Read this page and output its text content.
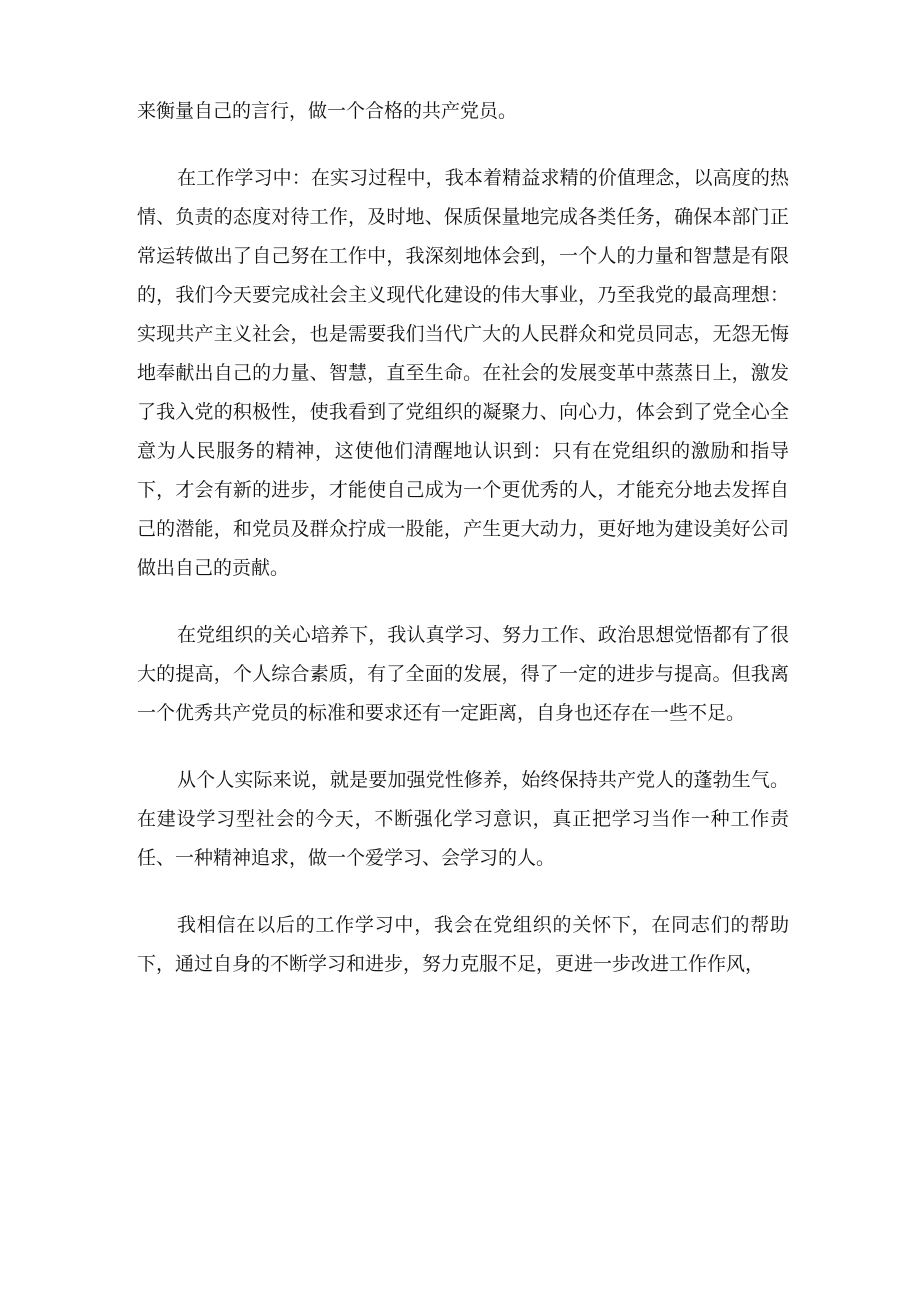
来衡量自己的言行，做一个合格的共产党员。

在工作学习中：在实习过程中，我本着精益求精的价值理念，以高度的热情、负责的态度对待工作，及时地、保质保量地完成各类任务，确保本部门正常运转做出了自己努在工作中，我深刻地体会到，一个人的力量和智慧是有限的，我们今天要完成社会主义现代化建设的伟大事业，乃至我党的最高理想：实现共产主义社会，也是需要我们当代广大的人民群众和党员同志，无怨无悔地奉献出自己的力量、智慧，直至生命。在社会的发展变革中蒸蒸日上，激发了我入党的积极性，使我看到了党组织的凝聚力、向心力，体会到了党全心全意为人民服务的精神，这使他们清醒地认识到：只有在党组织的激励和指导下，才会有新的进步，才能使自己成为一个更优秀的人，才能充分地去发挥自己的潜能，和党员及群众拧成一股能，产生更大动力，更好地为建设美好公司做出自己的贡献。

在党组织的关心培养下，我认真学习、努力工作、政治思想觉悟都有了很大的提高，个人综合素质，有了全面的发展，得了一定的进步与提高。但我离一个优秀共产党员的标准和要求还有一定距离，自身也还存在一些不足。

从个人实际来说，就是要加强党性修养，始终保持共产党人的蓬勃生气。在建设学习型社会的今天，不断强化学习意识，真正把学习当作一种工作责任、一种精神追求，做一个爱学习、会学习的人。

我相信在以后的工作学习中，我会在党组织的关怀下，在同志们的帮助下，通过自身的不断学习和进步，努力克服不足，更进一步改进工作作风，
